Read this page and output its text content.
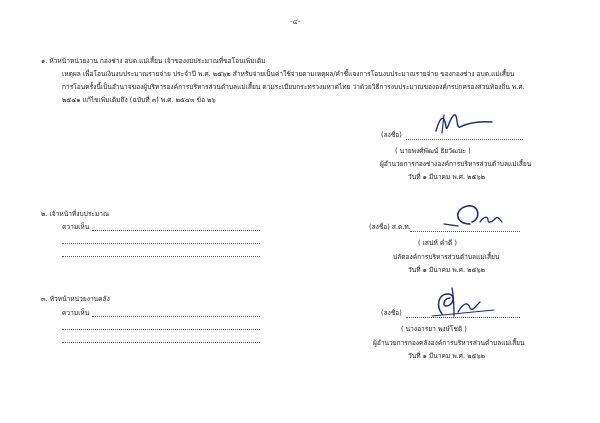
-๔-
๑. หัวหน้าหน่วยงาน กองช่าง อบต.แม่เสี้ยน เจ้าของงบประมาณที่ขอโอนเพิ่มเติม
เหตุผล เพื่อโอนเงินงบประมาณรายจ่าย ประจำปี พ.ศ. ๒๕๖๒ สำหรับจ่ายเป็นค่าใช้จ่ายตามเหตุผล/คำชี้แจงการโอนงบประมาณรายจ่าย ของกองช่าง อบต.แม่เสี้ยน
การโอนครั้งนี้เป็นอำนาจของผู้บริหารองค์การบริหารส่วนตำบลแม่เสี้ยน ตามระเบียบกระทรวงมหาดไทย ว่าด้วยวิธีการงบประมาณขององค์กรปกครองส่วนท้องถิ่น พ.ศ.
๒๕๔๑ แก้ไขเพิ่มเติมถึง (ฉบับที่ ๓) พ.ศ. ๒๕๔๓ ข้อ ๒๖
(ลงชื่อ)
( นายพงศ์พัฒน์ ธิยวัฒนะ )
ผู้อำนวยการกองช่างองค์การบริหารส่วนตำบลแม่เสี้ยน
วันที่ ๑ มีนาคม พ.ศ. ๒๕๖๒
๒. เจ้าหน้าที่งบประมาณ
ความเห็น	(ลงชื่อ) ส.ต.ท.
( เสน่ห์ คำดี )
ปลัดองค์การบริหารส่วนตำบลแม่เสี้ยน
วันที่ ๑ มีนาคม พ.ศ. ๒๕๖๒
๓. หัวหน้าหน่วยงานคลัง
ความเห็น	(ลงชื่อ)
( นางอารยา พงษ์โชติ )
ผู้อำนวยการกองคลังองค์การบริหารส่วนตำบลแม่เสี้ยน
วันที่ ๑ มีนาคม พ.ศ. ๒๕๖๒
